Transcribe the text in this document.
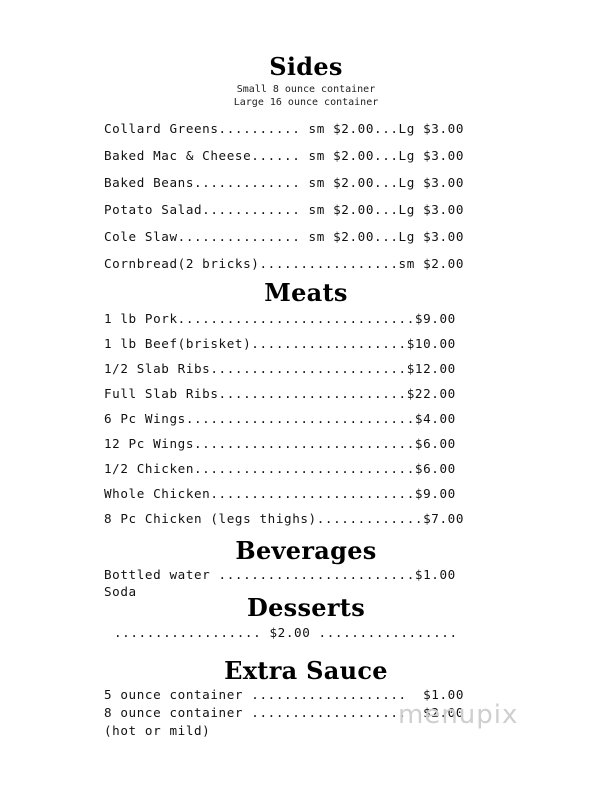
Sides
Small 8 ounce container
Large 16 ounce container
Collard Greens.......... sm $2.00...Lg $3.00
Baked Mac & Cheese...... sm $2.00...Lg $3.00
Baked Beans............. sm $2.00...Lg $3.00
Potato Salad............ sm $2.00...Lg $3.00
Cole Slaw............... sm $2.00...Lg $3.00
Cornbread(2 bricks).................sm $2.00
Meats
1 lb Pork.............................$9.00
1 lb Beef(brisket)...................$10.00
1/2 Slab Ribs........................$12.00
Full Slab Ribs.......................$22.00
6 Pc Wings............................$4.00
12 Pc Wings...........................$6.00
1/2 Chicken...........................$6.00
Whole Chicken.........................$9.00
8 Pc Chicken (legs thighs).............$7.00
Beverages
Bottled water ........................$1.00
Soda
Desserts
.................. $2.00 .................
Extra Sauce
5 ounce container ...................  $1.00
8 ounce container ...................  $2.00
(hot or mild)
menupix
